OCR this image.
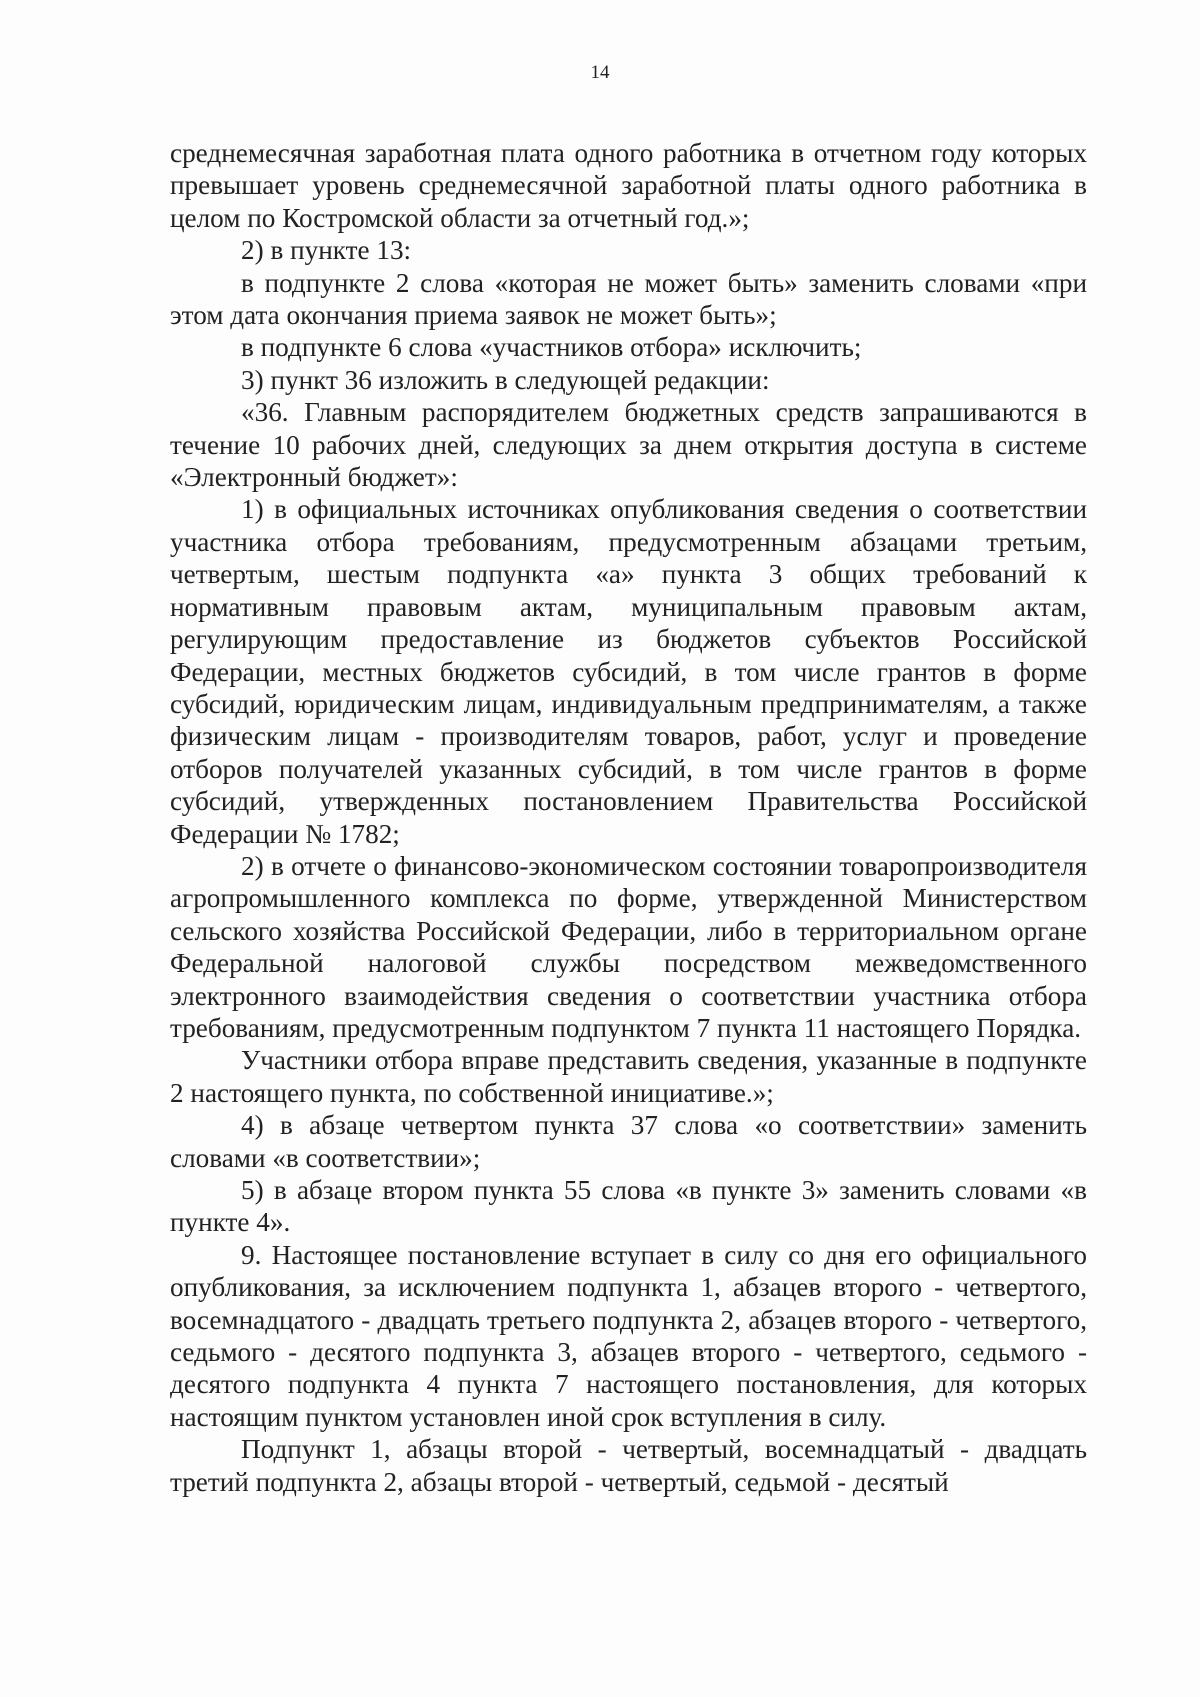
14

среднемесячная заработная плата одного работника в отчетном году которых превышает уровень среднемесячной заработной платы одного работника в целом по Костромской области за отчетный год.»;

2) в пункте 13:

в подпункте 2 слова «которая не может быть» заменить словами «при этом дата окончания приема заявок не может быть»;

в подпункте 6 слова «участников отбора» исключить;

3) пункт 36 изложить в следующей редакции:

«36. Главным распорядителем бюджетных средств запрашиваются в течение 10 рабочих дней, следующих за днем открытия доступа в системе «Электронный бюджет»:

1) в официальных источниках опубликования сведения о соответствии участника отбора требованиям, предусмотренным абзацами третьим, четвертым, шестым подпункта «а» пункта 3 общих требований к нормативным правовым актам, муниципальным правовым актам, регулирующим предоставление из бюджетов субъектов Российской Федерации, местных бюджетов субсидий, в том числе грантов в форме субсидий, юридическим лицам, индивидуальным предпринимателям, а также физическим лицам - производителям товаров, работ, услуг и проведение отборов получателей указанных субсидий, в том числе грантов в форме субсидий, утвержденных постановлением Правительства Российской Федерации № 1782;

2) в отчете о финансово-экономическом состоянии товаропроизводителя агропромышленного комплекса по форме, утвержденной Министерством сельского хозяйства Российской Федерации, либо в территориальном органе Федеральной налоговой службы посредством межведомственного электронного взаимодействия сведения о соответствии участника отбора требованиям, предусмотренным подпунктом 7 пункта 11 настоящего Порядка.

Участники отбора вправе представить сведения, указанные в подпункте 2 настоящего пункта, по собственной инициативе.»;

4) в абзаце четвертом пункта 37 слова «о соответствии» заменить словами «в соответствии»;

5) в абзаце втором пункта 55 слова «в пункте 3» заменить словами «в пункте 4».

9. Настоящее постановление вступает в силу со дня его официального опубликования, за исключением подпункта 1, абзацев второго - четвертого, восемнадцатого - двадцать третьего подпункта 2, абзацев второго - четвертого, седьмого - десятого подпункта 3, абзацев второго - четвертого, седьмого - десятого подпункта 4 пункта 7 настоящего постановления, для которых настоящим пунктом установлен иной срок вступления в силу.

Подпункт 1, абзацы второй - четвертый, восемнадцатый - двадцать третий подпункта 2, абзацы второй - четвертый, седьмой - десятый
